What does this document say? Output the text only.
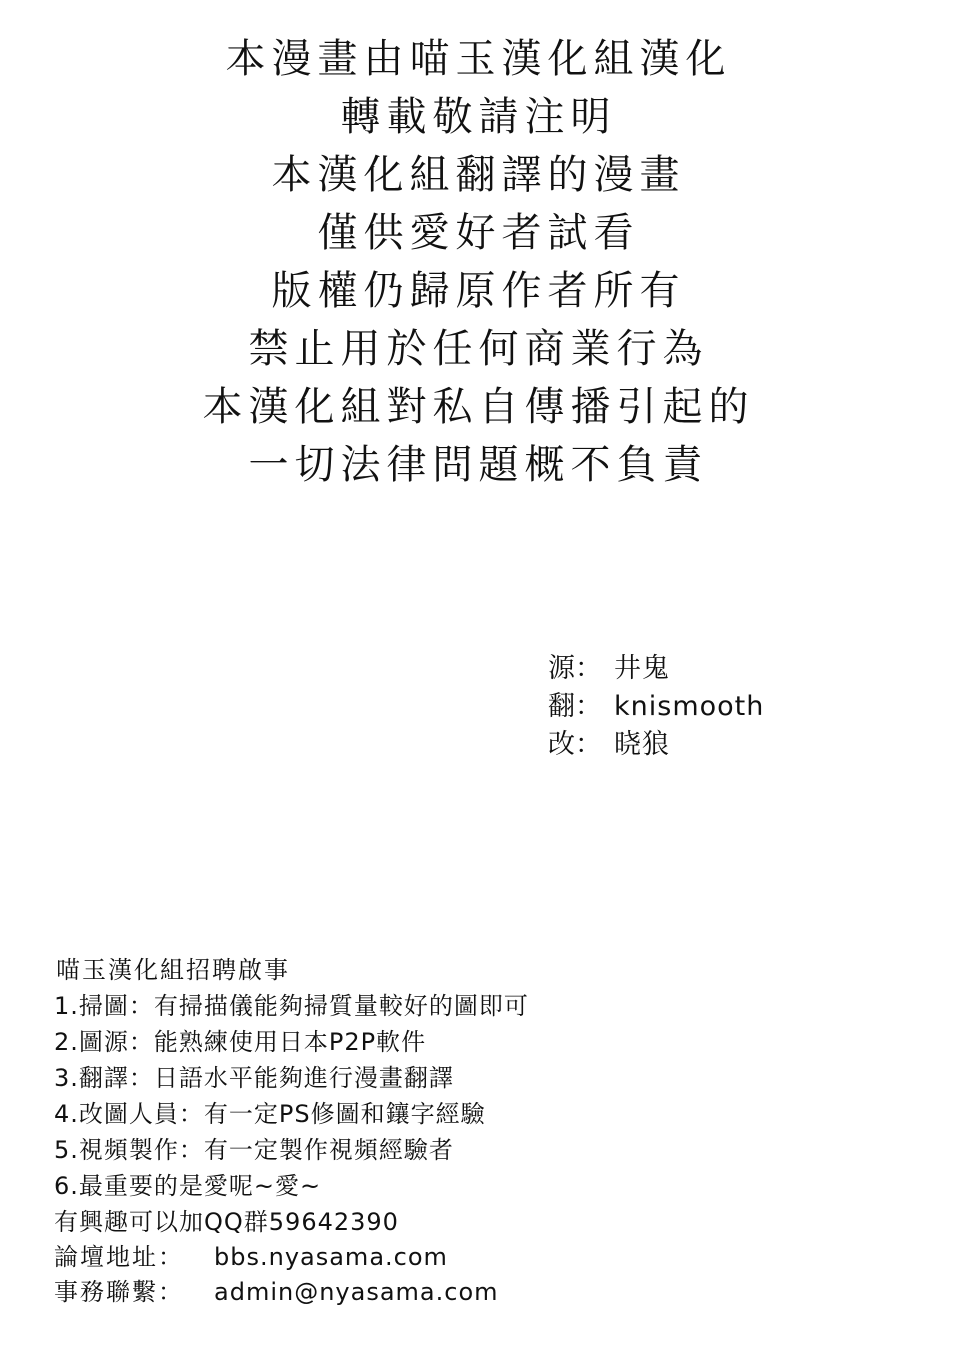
本漫畫由喵玉漢化組漢化
轉載敬請注明
本漢化組翻譯的漫畫
僅供愛好者試看
版權仍歸原作者所有
禁止用於任何商業行為
本漢化組對私自傳播引起的
一切法律問題概不負責
源： 井鬼
翻： knismooth
改： 晓狼
喵玉漢化組招聘啟事
1.掃圖：有掃描儀能夠掃質量較好的圖即可
2.圖源：能熟練使用日本P2P軟件
3.翻譯：日語水平能夠進行漫畫翻譯
4.改圖人員：有一定PS修圖和鑲字經驗
5.視頻製作：有一定製作視頻經驗者
6.最重要的是愛呢~愛~
有興趣可以加QQ群59642390
論壇地址： bbs.nyasama.com
事務聯繫： admin@nyasama.com
